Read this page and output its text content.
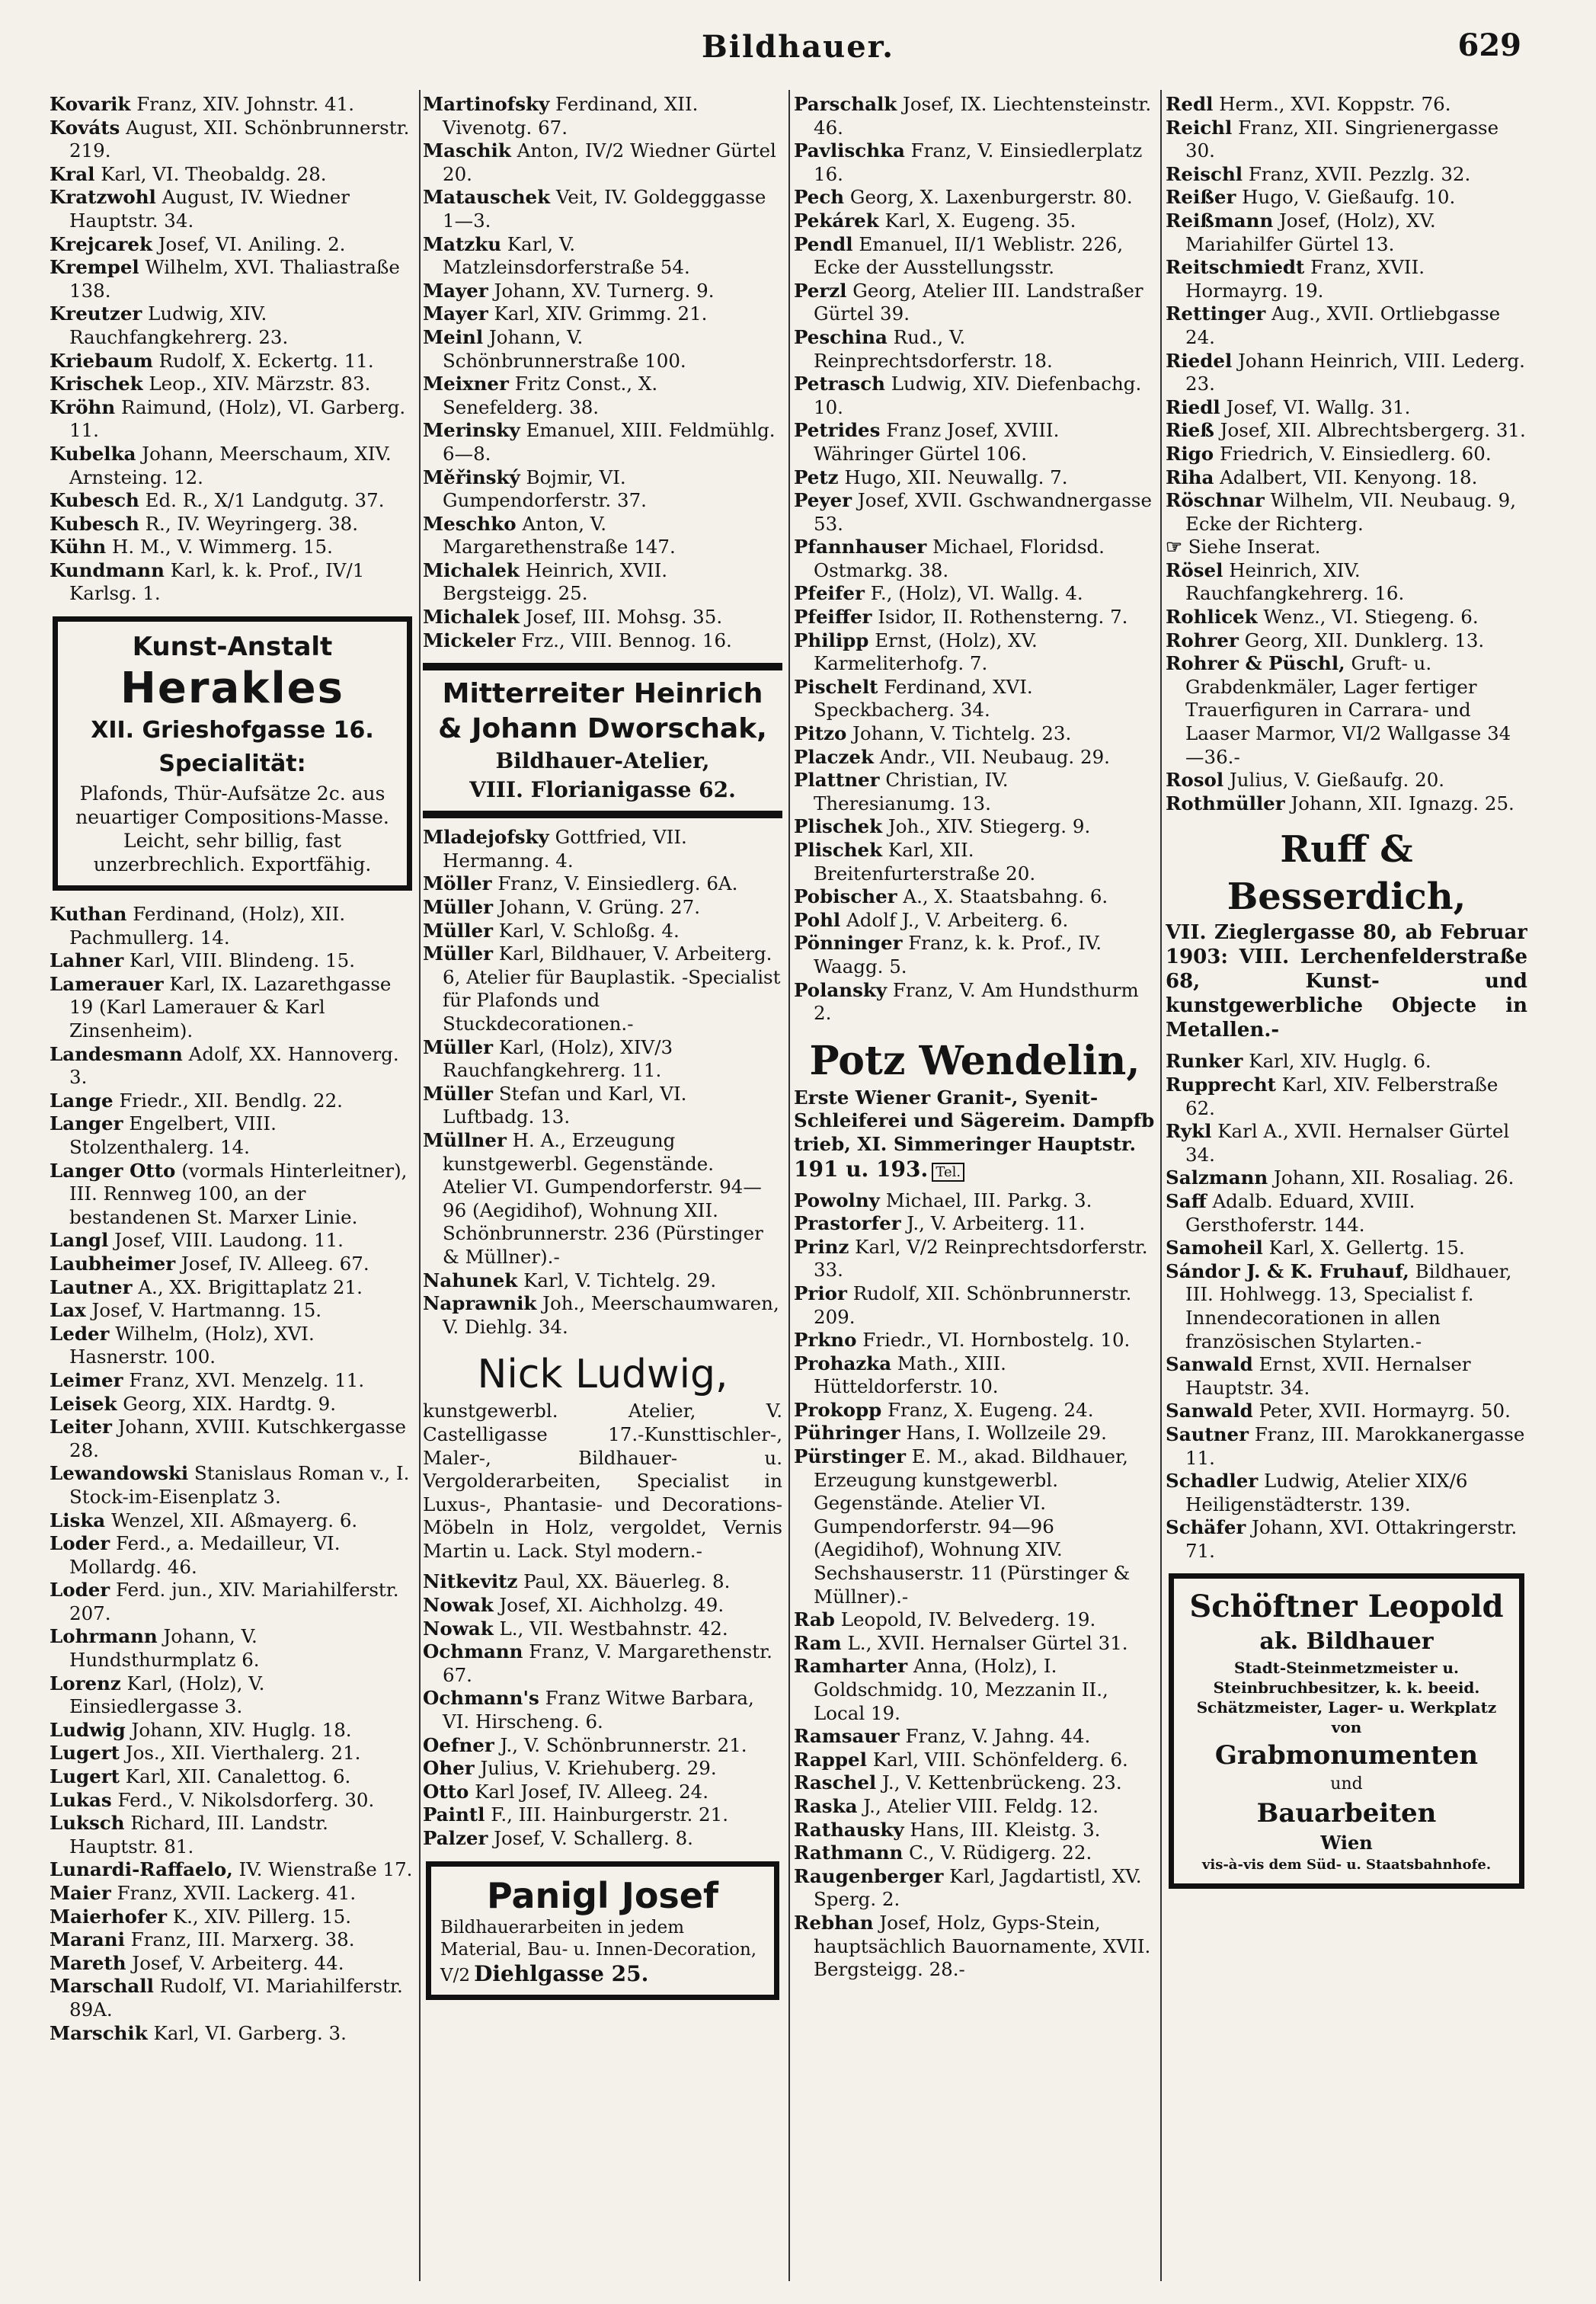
Bildhauer.	629

Kovarik Franz, XIV. Johnstr. 41.

Kováts August, XII. Schönbrunnerstr. 219.

Kral Karl, VI. Theobaldg. 28.

Kratzwohl August, IV. Wiedner Hauptstr. 34.

Krejcarek Josef, VI. Aniling. 2.

Krempel Wilhelm, XVI. Thaliastraße 138.

Kreutzer Ludwig, XIV. Rauchfangkehrerg. 23.

Kriebaum Rudolf, X. Eckertg. 11.

Krischek Leop., XIV. Märzstr. 83.

Kröhn Raimund, (Holz), VI. Garberg. 11.

Kubelka Johann, Meerschaum, XIV. Arnsteing. 12.

Kubesch Ed. R., X/1 Landgutg. 37.

Kubesch R., IV. Weyringerg. 38.

Kühn H. M., V. Wimmerg. 15.

Kundmann Karl, k. k. Prof., IV/1 Karlsg. 1.

Kunst-Anstalt
Herakles
XII. Grieshofgasse 16.
Specialität:
Plafonds, Thür-Aufsätze 2c. aus neuartiger Compositions-Masse. Leicht, sehr billig, fast unzerbrechlich. Exportfähig.

Kuthan Ferdinand, (Holz), XII. Pachmullerg. 14.

Lahner Karl, VIII. Blindeng. 15.

Lamerauer Karl, IX. Lazarethgasse 19 (Karl Lamerauer & Karl Zinsenheim).

Landesmann Adolf, XX. Hannoverg. 3.

Lange Friedr., XII. Bendlg. 22.

Langer Engelbert, VIII. Stolzenthalerg. 14.

Langer Otto (vormals Hinterleitner), III. Rennweg 100, an der bestandenen St. Marxer Linie.

Langl Josef, VIII. Laudong. 11.

Laubheimer Josef, IV. Alleeg. 67.

Lautner A., XX. Brigittaplatz 21.

Lax Josef, V. Hartmanng. 15.

Leder Wilhelm, (Holz), XVI. Hasnerstr. 100.

Leimer Franz, XVI. Menzelg. 11.

Leisek Georg, XIX. Hardtg. 9.

Leiter Johann, XVIII. Kutschkergasse 28.

Lewandowski Stanislaus Roman v., I. Stock-im-Eisenplatz 3.

Liska Wenzel, XII. Aßmayerg. 6.

Loder Ferd., a. Medailleur, VI. Mollardg. 46.

Loder Ferd. jun., XIV. Mariahilferstr. 207.

Lohrmann Johann, V. Hundsthurmplatz 6.

Lorenz Karl, (Holz), V. Einsiedlergasse 3.

Ludwig Johann, XIV. Huglg. 18.

Lugert Jos., XII. Vierthalerg. 21.

Lugert Karl, XII. Canalettog. 6.

Lukas Ferd., V. Nikolsdorferg. 30.

Luksch Richard, III. Landstr. Hauptstr. 81.

Lunardi-Raffaelo, IV. Wienstraße 17.

Maier Franz, XVII. Lackerg. 41.

Maierhofer K., XIV. Pillerg. 15.

Marani Franz, III. Marxerg. 38.

Mareth Josef, V. Arbeiterg. 44.

Marschall Rudolf, VI. Mariahilferstr. 89A.

Marschik Karl, VI. Garberg. 3.

Martinofsky Ferdinand, XII. Vivenotg. 67.

Maschik Anton, IV/2 Wiedner Gürtel 20.

Matauschek Veit, IV. Goldegggasse 1—3.

Matzku Karl, V. Matzleinsdorferstraße 54.

Mayer Johann, XV. Turnerg. 9.

Mayer Karl, XIV. Grimmg. 21.

Meinl Johann, V. Schönbrunnerstraße 100.

Meixner Fritz Const., X. Senefelderg. 38.

Merinsky Emanuel, XIII. Feldmühlg. 6—8.

Měřinský Bojmir, VI. Gumpendorferstr. 37.

Meschko Anton, V. Margarethenstraße 147.

Michalek Heinrich, XVII. Bergsteigg. 25.

Michalek Josef, III. Mohsg. 35.

Mickeler Frz., VIII. Bennog. 16.

Mitterreiter Heinrich
& Johann Dworschak,
Bildhauer-Atelier,
VIII. Florianigasse 62.

Mladejofsky Gottfried, VII. Hermanng. 4.

Möller Franz, V. Einsiedlerg. 6A.

Müller Johann, V. Grüng. 27.

Müller Karl, V. Schloßg. 4.

Müller Karl, Bildhauer, V. Arbeiterg. 6, Atelier für Bauplastik. -Specialist für Plafonds und Stuckdecorationen.-

Müller Karl, (Holz), XIV/3 Rauchfangkehrerg. 11.

Müller Stefan und Karl, VI. Luftbadg. 13.

Müllner H. A., Erzeugung kunstgewerbl. Gegenstände. Atelier VI. Gumpendorferstr. 94—96 (Aegidihof), Wohnung XII. Schönbrunnerstr. 236 (Pürstinger & Müllner).-

Nahunek Karl, V. Tichtelg. 29.

Naprawnik Joh., Meerschaumwaren, V. Diehlg. 34.

Nick Ludwig,
kunstgewerbl. Atelier, V. Castelligasse 17.-Kunsttischler-, Maler-, Bildhauer- u. Vergolderarbeiten, Specialist in Luxus-, Phantasie- und Decorations-Möbeln in Holz, vergoldet, Vernis Martin u. Lack. Styl modern.-

Nitkevitz Paul, XX. Bäuerleg. 8.

Nowak Josef, XI. Aichholzg. 49.

Nowak L., VII. Westbahnstr. 42.

Ochmann Franz, V. Margarethenstr. 67.

Ochmann's Franz Witwe Barbara, VI. Hirscheng. 6.

Oefner J., V. Schönbrunnerstr. 21.

Oher Julius, V. Kriehuberg. 29.

Otto Karl Josef, IV. Alleeg. 24.

Paintl F., III. Hainburgerstr. 21.

Palzer Josef, V. Schallerg. 8.

Panigl Josef
Bildhauerarbeiten in jedem Material, Bau- u. Innen-Decoration, V/2 Diehlgasse 25.

Parschalk Josef, IX. Liechtensteinstr. 46.

Pavlischka Franz, V. Einsiedlerplatz 16.

Pech Georg, X. Laxenburgerstr. 80.

Pekárek Karl, X. Eugeng. 35.

Pendl Emanuel, II/1 Weblistr. 226, Ecke der Ausstellungsstr.

Perzl Georg, Atelier III. Landstraßer Gürtel 39.

Peschina Rud., V. Reinprechtsdorferstr. 18.

Petrasch Ludwig, XIV. Diefenbachg. 10.

Petrides Franz Josef, XVIII. Währinger Gürtel 106.

Petz Hugo, XII. Neuwallg. 7.

Peyer Josef, XVII. Gschwandnergasse 53.

Pfannhauser Michael, Floridsd. Ostmarkg. 38.

Pfeifer F., (Holz), VI. Wallg. 4.

Pfeiffer Isidor, II. Rothensterng. 7.

Philipp Ernst, (Holz), XV. Karmeliterhofg. 7.

Pischelt Ferdinand, XVI. Speckbacherg. 34.

Pitzo Johann, V. Tichtelg. 23.

Placzek Andr., VII. Neubaug. 29.

Plattner Christian, IV. Theresianumg. 13.

Plischek Joh., XIV. Stiegerg. 9.

Plischek Karl, XII. Breitenfurterstraße 20.

Pobischer A., X. Staatsbahng. 6.

Pohl Adolf J., V. Arbeiterg. 6.

Pönninger Franz, k. k. Prof., IV. Waagg. 5.

Polansky Franz, V. Am Hundsthurm 2.

Potz Wendelin,
Erste Wiener Granit-, Syenit-Schleiferei und Sägereim. Dampfb trieb, XI. Simmeringer Hauptstr. 191 u. 193. Tel.

Powolny Michael, III. Parkg. 3.

Prastorfer J., V. Arbeiterg. 11.

Prinz Karl, V/2 Reinprechtsdorferstr. 33.

Prior Rudolf, XII. Schönbrunnerstr. 209.

Prkno Friedr., VI. Hornbostelg. 10.

Prohazka Math., XIII. Hütteldorferstr. 10.

Prokopp Franz, X. Eugeng. 24.

Pühringer Hans, I. Wollzeile 29.

Pürstinger E. M., akad. Bildhauer, Erzeugung kunstgewerbl. Gegenstände. Atelier VI. Gumpendorferstr. 94—96 (Aegidihof), Wohnung XIV. Sechshauserstr. 11 (Pürstinger & Müllner).-

Rab Leopold, IV. Belvederg. 19.

Ram L., XVII. Hernalser Gürtel 31.

Ramharter Anna, (Holz), I. Goldschmidg. 10, Mezzanin II., Local 19.

Ramsauer Franz, V. Jahng. 44.

Rappel Karl, VIII. Schönfelderg. 6.

Raschel J., V. Kettenbrückeng. 23.

Raska J., Atelier VIII. Feldg. 12.

Rathausky Hans, III. Kleistg. 3.

Rathmann C., V. Rüdigerg. 22.

Raugenberger Karl, Jagdartistl, XV. Sperg. 2.

Rebhan Josef, Holz, Gyps-Stein, hauptsächlich Bauornamente, XVII. Bergsteigg. 28.-

Redl Herm., XVI. Koppstr. 76.

Reichl Franz, XII. Singrienergasse 30.

Reischl Franz, XVII. Pezzlg. 32.

Reißer Hugo, V. Gießaufg. 10.

Reißmann Josef, (Holz), XV. Mariahilfer Gürtel 13.

Reitschmiedt Franz, XVII. Hormayrg. 19.

Rettinger Aug., XVII. Ortliebgasse 24.

Riedel Johann Heinrich, VIII. Lederg. 23.

Riedl Josef, VI. Wallg. 31.

Rieß Josef, XII. Albrechtsbergerg. 31.

Rigo Friedrich, V. Einsiedlerg. 60.

Riha Adalbert, VII. Kenyong. 18.

Röschnar Wilhelm, VII. Neubaug. 9, Ecke der Richterg.

☞ Siehe Inserat.

Rösel Heinrich, XIV. Rauchfangkehrerg. 16.

Rohlicek Wenz., VI. Stiegeng. 6.

Rohrer Georg, XII. Dunklerg. 13.

Rohrer & Püschl, Gruft- u. Grabdenkmäler, Lager fertiger Trauerfiguren in Carrara- und Laaser Marmor, VI/2 Wallgasse 34—36.-

Rosol Julius, V. Gießaufg. 20.

Rothmüller Johann, XII. Ignazg. 25.

Ruff & Besserdich,
VII. Zieglergasse 80, ab Februar 1903: VIII. Lerchenfelderstraße 68, Kunst- und kunstgewerbliche Objecte in Metallen.-

Runker Karl, XIV. Huglg. 6.

Rupprecht Karl, XIV. Felberstraße 62.

Rykl Karl A., XVII. Hernalser Gürtel 34.

Salzmann Johann, XII. Rosaliag. 26.

Saff Adalb. Eduard, XVIII. Gersthoferstr. 144.

Samoheil Karl, X. Gellertg. 15.

Sándor J. & K. Fruhauf, Bildhauer, III. Hohlwegg. 13, Specialist f. Innendecorationen in allen französischen Stylarten.-

Sanwald Ernst, XVII. Hernalser Hauptstr. 34.

Sanwald Peter, XVII. Hormayrg. 50.

Sautner Franz, III. Marokkanergasse 11.

Schadler Ludwig, Atelier XIX/6 Heiligenstädterstr. 139.

Schäfer Johann, XVI. Ottakringerstr. 71.

Schöftner Leopold
ak. Bildhauer
Stadt-Steinmetzmeister u. Steinbruchbesitzer, k. k. beeid. Schätzmeister, Lager- u. Werkplatz von
Grabmonumenten
und
Bauarbeiten
Wien
vis-à-vis dem Süd- u. Staatsbahnhofe.
